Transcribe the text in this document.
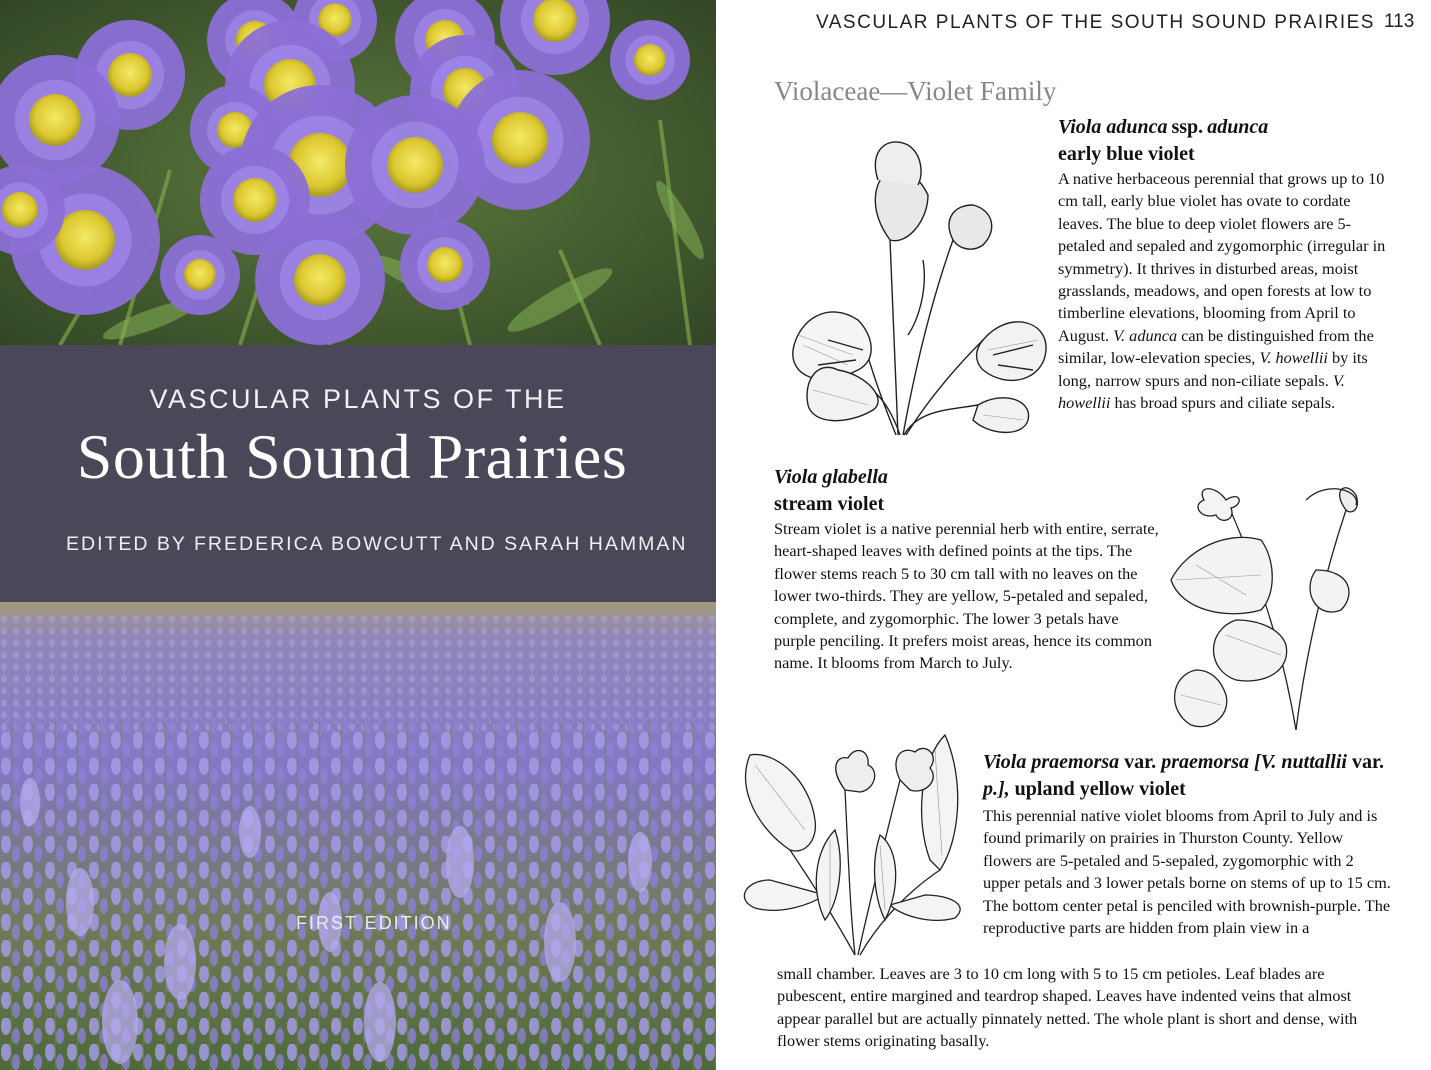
VASCULAR PLANTS OF THE
South Sound Prairies
EDITED BY FREDERICA BOWCUTT AND SARAH HAMMAN
FIRST EDITION
VASCULAR PLANTS OF THE SOUTH SOUND PRAIRIES 113
Violaceae—Violet Family
Viola adunca ssp. adunca
early blue violet
A native herbaceous perennial that grows up to 10 cm tall, early blue violet has ovate to cordate leaves. The blue to deep violet flowers are 5-petaled and sepaled and zygomorphic (irregular in symmetry). It thrives in disturbed areas, moist grasslands, meadows, and open forests at low to timberline elevations, blooming from April to August. V. adunca can be distinguished from the similar, low-elevation species, V. howellii by its long, narrow spurs and non-ciliate sepals. V. howellii has broad spurs and ciliate sepals.
Viola glabella
stream violet
Stream violet is a native perennial herb with entire, serrate, heart-shaped leaves with defined points at the tips. The flower stems reach 5 to 30 cm tall with no leaves on the lower two-thirds. They are yellow, 5-petaled and sepaled, complete, and zygomorphic. The lower 3 petals have purple penciling. It prefers moist areas, hence its common name. It blooms from March to July.
Viola praemorsa var. praemorsa [V. nuttallii var. p.], upland yellow violet
This perennial native violet blooms from April to July and is found primarily on prairies in Thurston County. Yellow flowers are 5-petaled and 5-sepaled, zygomorphic with 2 upper petals and 3 lower petals borne on stems of up to 15 cm. The bottom center petal is penciled with brownish-purple. The reproductive parts are hidden from plain view in a
small chamber. Leaves are 3 to 10 cm long with 5 to 15 cm petioles. Leaf blades are pubescent, entire margined and teardrop shaped. Leaves have indented veins that almost appear parallel but are actually pinnately netted. The whole plant is short and dense, with flower stems originating basally.
